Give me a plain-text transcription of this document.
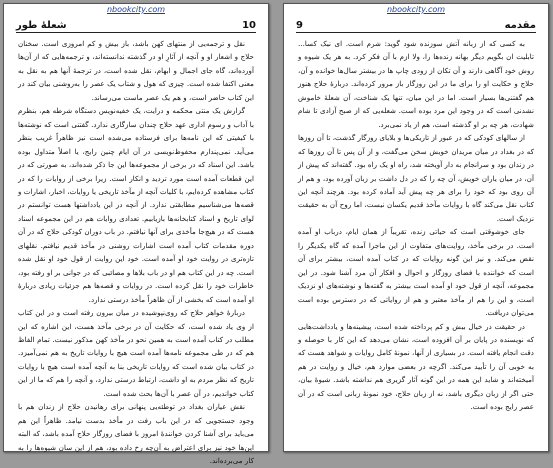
nbookcity.com
شعلهٔ طور	10

نقل و ترجمه‌یی از منتهای کهن باشد، باز بیش و کم امروزی است. سخنان حلاج و اشعار او و آنچه از آثارِ او در گذشته ندانسته‌اند، و ترجمه‌هایی که از آن‌ها آورده‌اند، گاه جای اجمال و ابهام، نقل شده است، در ترجمهٔ آنها هم به نقل به معنی اکتفا شده است. چیزی که هول و شتاب یک عصر را به‌روشنی بیان کند در این کتاب حاضر است، و هم یک عصر ماست می‌رساند.

گزارش یک منتی محکمه و درایت، یک خفیه‌نویس دستگاه شرطه هم، بنظرم با آداب و رسوم اداری عهد حلاج چندان سازگاری ندارد. گفتنی است که نوشته‌ها با کیفیتی که این نامه‌ها برای فرستاده می‌شده است نیز ظاهراً غریب بنظر می‌آید. نمی‌پندارم محفوظ‌نویسی در آن ایام چنین رایج، یا اصلاً متداول بوده باشد. این اسناد که در برخی از مجموعه‌ها این جا ذکر شده‌اند، به صورتی که در این قطعات آمده است مورد تردید و انکار است. زیرا برخی از روایات را که در کتاب مشاهده کرده‌ایم، با کلیات آنچه از مآخذ تاریخی یا روایات، اخبار، اشارات و قصه‌ها می‌شناسیم مطابقتی ندارد. از آنچه در این یادداشتها هست توانستم در لوای تاریخ و اسناد کتابخانه‌ها بازیابیم. تعدادی روایات هم در این مجموعه اسناد هست که در هیچ‌جا مأخذی برای آنها نیافتم. در باب دوران کودکی حلاج که در آن دوره مقدمات کتاب آمده است اشارات روشنی در مآخذ قدیم نیافتم. نقلهای تازه‌تری در روایت خود او آمده است. خود این روایت از قول خود او نقل شده است. چه در این کتاب هم او در باب بلاها و مصائبی که در جوانی بر او رفته بود، خاطرات خود را نقل کرده است. در روایات و قصه‌ها هم جزئیات زیادی دربارهٔ او آمده است که بخشی از آن ظاهراً مأخذ درستی ندارد.

دربارهٔ خواهر حلاج که روی‌نپوشیده در میان بیرون رفته است و در این کتاب از وی یاد شده است، که حکایت آن در برخی مآخذ هست، این اشاره که این مطلب در کتاب آمده است به همین نحو در مآخذ کهن مذکور نیست. تمام الفاظ هم که در طی مجموعه نامه‌ها آمده است هیچ با روایات تاریخ به هم نمی‌آمیزد. در کتاب بیان شده است که روایات تاریخی بنا به آنچه آمده است هیچ با روایات تاریخ که نظر مردم به او داشت، ارتباط درستی ندارد، و آنچه را هم که ما از این کتاب خواندیم، در آن عصر با آن‌ها بحث شده است.

نقش عیاران بغداد در توطئه‌یی پنهانی برای رهانیدن حلاج از زندان هم با وجود جستجویی که در این باب رفت در مأخذ بدست نیامد. ظاهراً این هم می‌باید برای آشنا کردن خوانندهٔ امروز با فضای روزگار حلاج آمده باشد، که البته این‌ها خود نیز برای اعتراض به آن‌چه رخ داده بود، هم از این سان شیوه‌ها را به کار می‌برده‌اند.

nbookcity.com
9	مقدمه

به کسی که از زبانه آتش سوزنده شود گوید: شرم است. ای نیک کسا... تابلیت ان بگویم دیگر بهانه زنده‌ها را، ولا ازم با آن فکر کرد. به هر یک شیوه و روش خود آگاهی دارند و آن تکان از زودی چاپ ها در بیشتر سال‌ها خوانده و آن، حلاج و حکایت او را برای ما در این روزگار باز مرور کرده‌اند. دربارهٔ حلاج هنوز هم گفتنی‌ها بسیار است. اما در این میان، تنها یک شناخت، آن شعلهٔ خاموش نشدنی است که در وجود این مرد بوده است. شعله‌یی که از صبح آزادی تا شام شهادت، هر چه بر او گذشته است، هم از یاد نمی‌برد.

از سالهای کودکی که در عبور از تاریکی‌ها و بلایای روزگار گذشت، تا آن روزها که در بغداد در میان مریدان خویش سخن می‌گفت، و از آن پس تا آن روزها که در زندان بود و سرانجام به دار آویخته شد، راه او یک راه بود. گفته‌اند که پیش از آن، در میان یاران خویش، آن چه را که در دل داشت بر زبان آورده بود، و هم از آن روی بود که خود را برای هر چه پیش آید آماده کرده بود. هرچند آنچه این کتاب نقل می‌کند گاه با روایات مآخذ قدیم یکسان نیست، اما روح آن به حقیقت نزدیک است.

جای خوشوقتی است که حیاتی زنده، تقریباً از همان ایام، درباب او آمده است. در برخی مآخذ، روایت‌های متفاوت از این ماجرا آمده که گاه یکدیگر را نقض می‌کند. و نیز این گونه روایات که در کتاب آمده است، بیشتر برای آن است که خواننده با فضای روزگار و احوال و افکار آن مرد آشنا شود. در این مجموعه، آنچه از قول خود او آمده است بیشتر به گفته‌ها و نوشته‌های او نزدیک است، و این را هم از مآخذ معتبر و هم از روایاتی که در دسترس بوده است می‌توان دریافت.

در حقیقت در خیال بیش و کم پرداخته شده است، پیشینه‌ها و یادداشت‌هایی که نویسنده در پایان بر آن افزوده است، نشان می‌دهد که این کار با حوصله و دقت انجام یافته است. در بسیاری از آنها، نمونهٔ کامل روایات و شواهد هست که به خوبی آن را تأیید می‌کند. اگرچه در بعضی موارد هم، خیال و روایت در هم آمیخته‌اند و شاید این همه در این گونه آثار گزیری هم نداشته باشد. شیوهٔ بیان، حتی اگر از زبان دیگری باشد، نه از زبان حلاج، خود نمونهٔ زبانی است که در آن عصر رایج بوده است.
